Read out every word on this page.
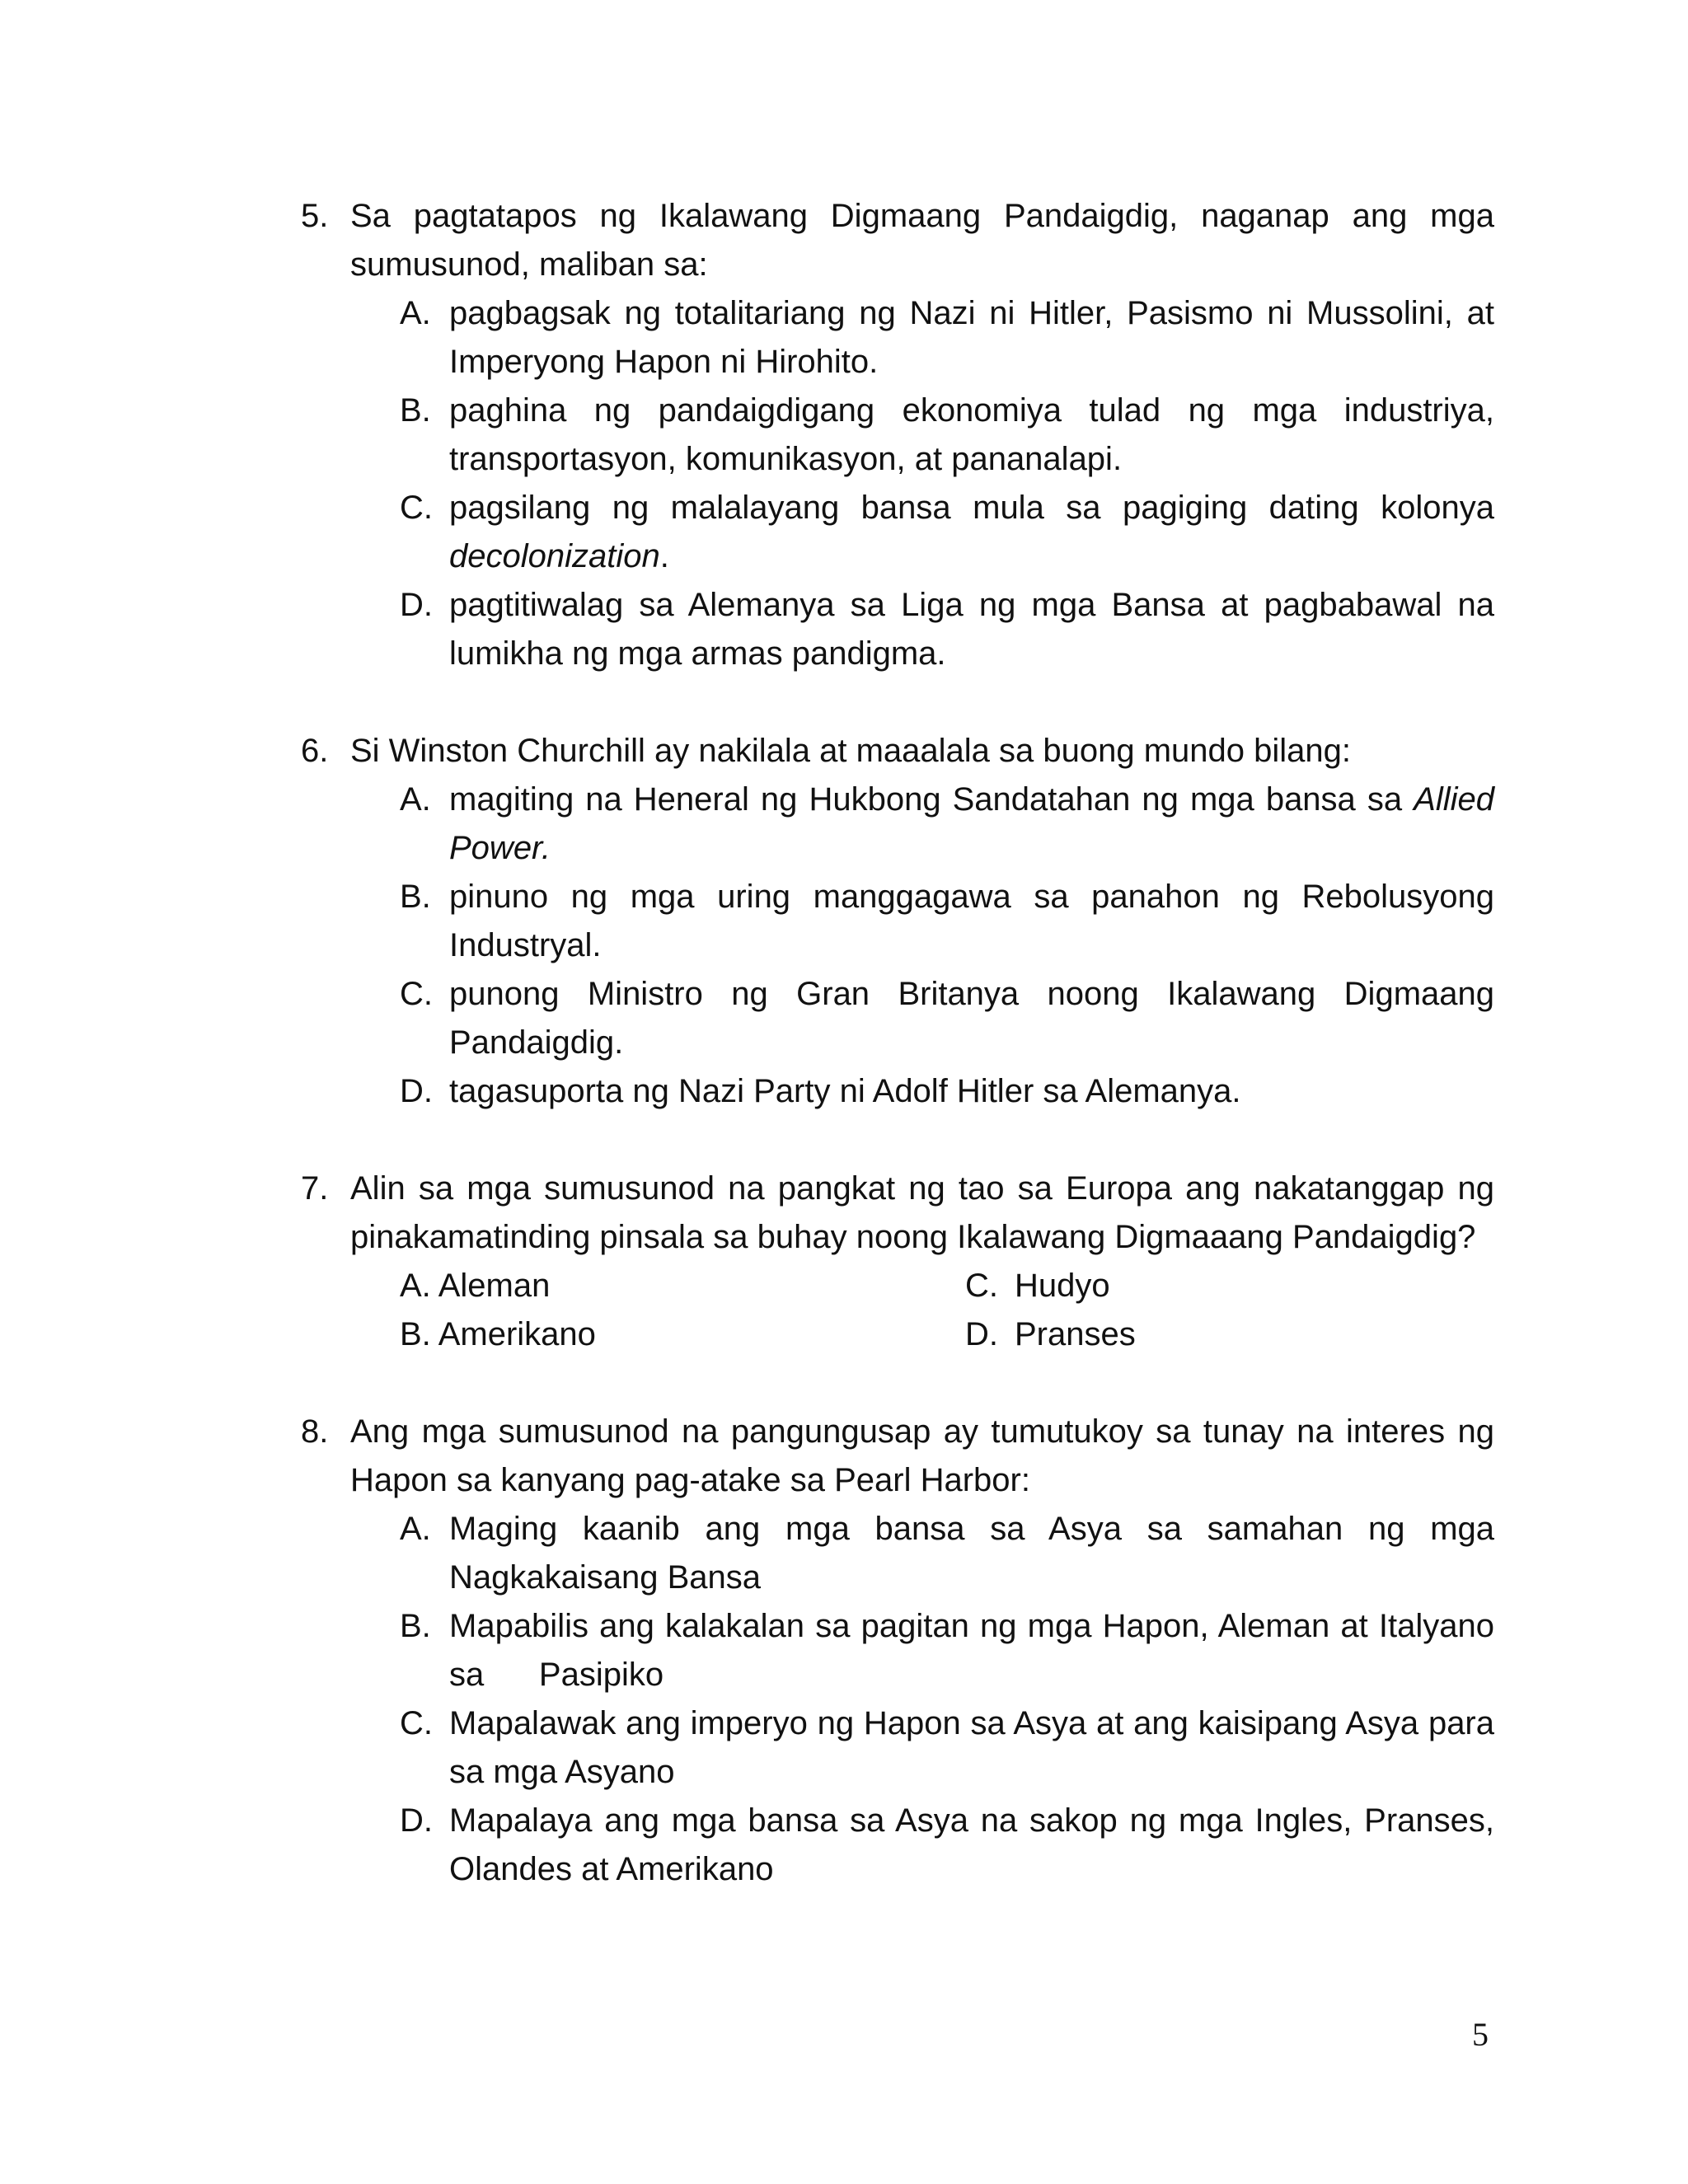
5. Sa pagtatapos ng Ikalawang Digmaang Pandaigdig, naganap ang mga sumusunod, maliban sa:
A. pagbagsak ng totalitariang ng Nazi ni Hitler, Pasismo ni Mussolini, at Imperyong Hapon ni Hirohito.
B. paghina ng pandaigdigang ekonomiya tulad ng mga industriya, transportasyon, komunikasyon, at pananalapi.
C. pagsilang ng malalayang bansa mula sa pagiging dating kolonya decolonization.
D. pagtitiwalag sa Alemanya sa Liga ng mga Bansa at pagbabawal na lumikha ng mga armas pandigma.
6. Si Winston Churchill ay nakilala at maaalala sa buong mundo bilang:
A. magiting na Heneral ng Hukbong Sandatahan ng mga bansa sa Allied Power.
B. pinuno ng mga uring manggagawa sa panahon ng Rebolusyong Industryal.
C. punong Ministro ng Gran Britanya noong Ikalawang Digmaang Pandaigdig.
D. tagasuporta ng Nazi Party ni Adolf Hitler sa Alemanya.
7. Alin sa mga sumusunod na pangkat ng tao sa Europa ang nakatanggap ng pinakamatinding pinsala sa buhay noong Ikalawang Digmaaang Pandaigdig?
A. Aleman
B. Amerikano
C. Hudyo
D. Pranses
8. Ang mga sumusunod na pangungusap ay tumutukoy sa tunay na interes ng Hapon sa kanyang pag-atake sa Pearl Harbor:
A. Maging kaanib ang mga bansa sa Asya sa samahan ng mga Nagkakaisang Bansa
B. Mapabilis ang kalakalan sa pagitan ng mga Hapon, Aleman at Italyano sa      Pasipiko
C. Mapalawak ang imperyo ng Hapon sa Asya at ang kaisipang Asya para sa mga Asyano
D. Mapalaya ang mga bansa sa Asya na sakop ng mga Ingles, Pranses, Olandes at Amerikano
5
